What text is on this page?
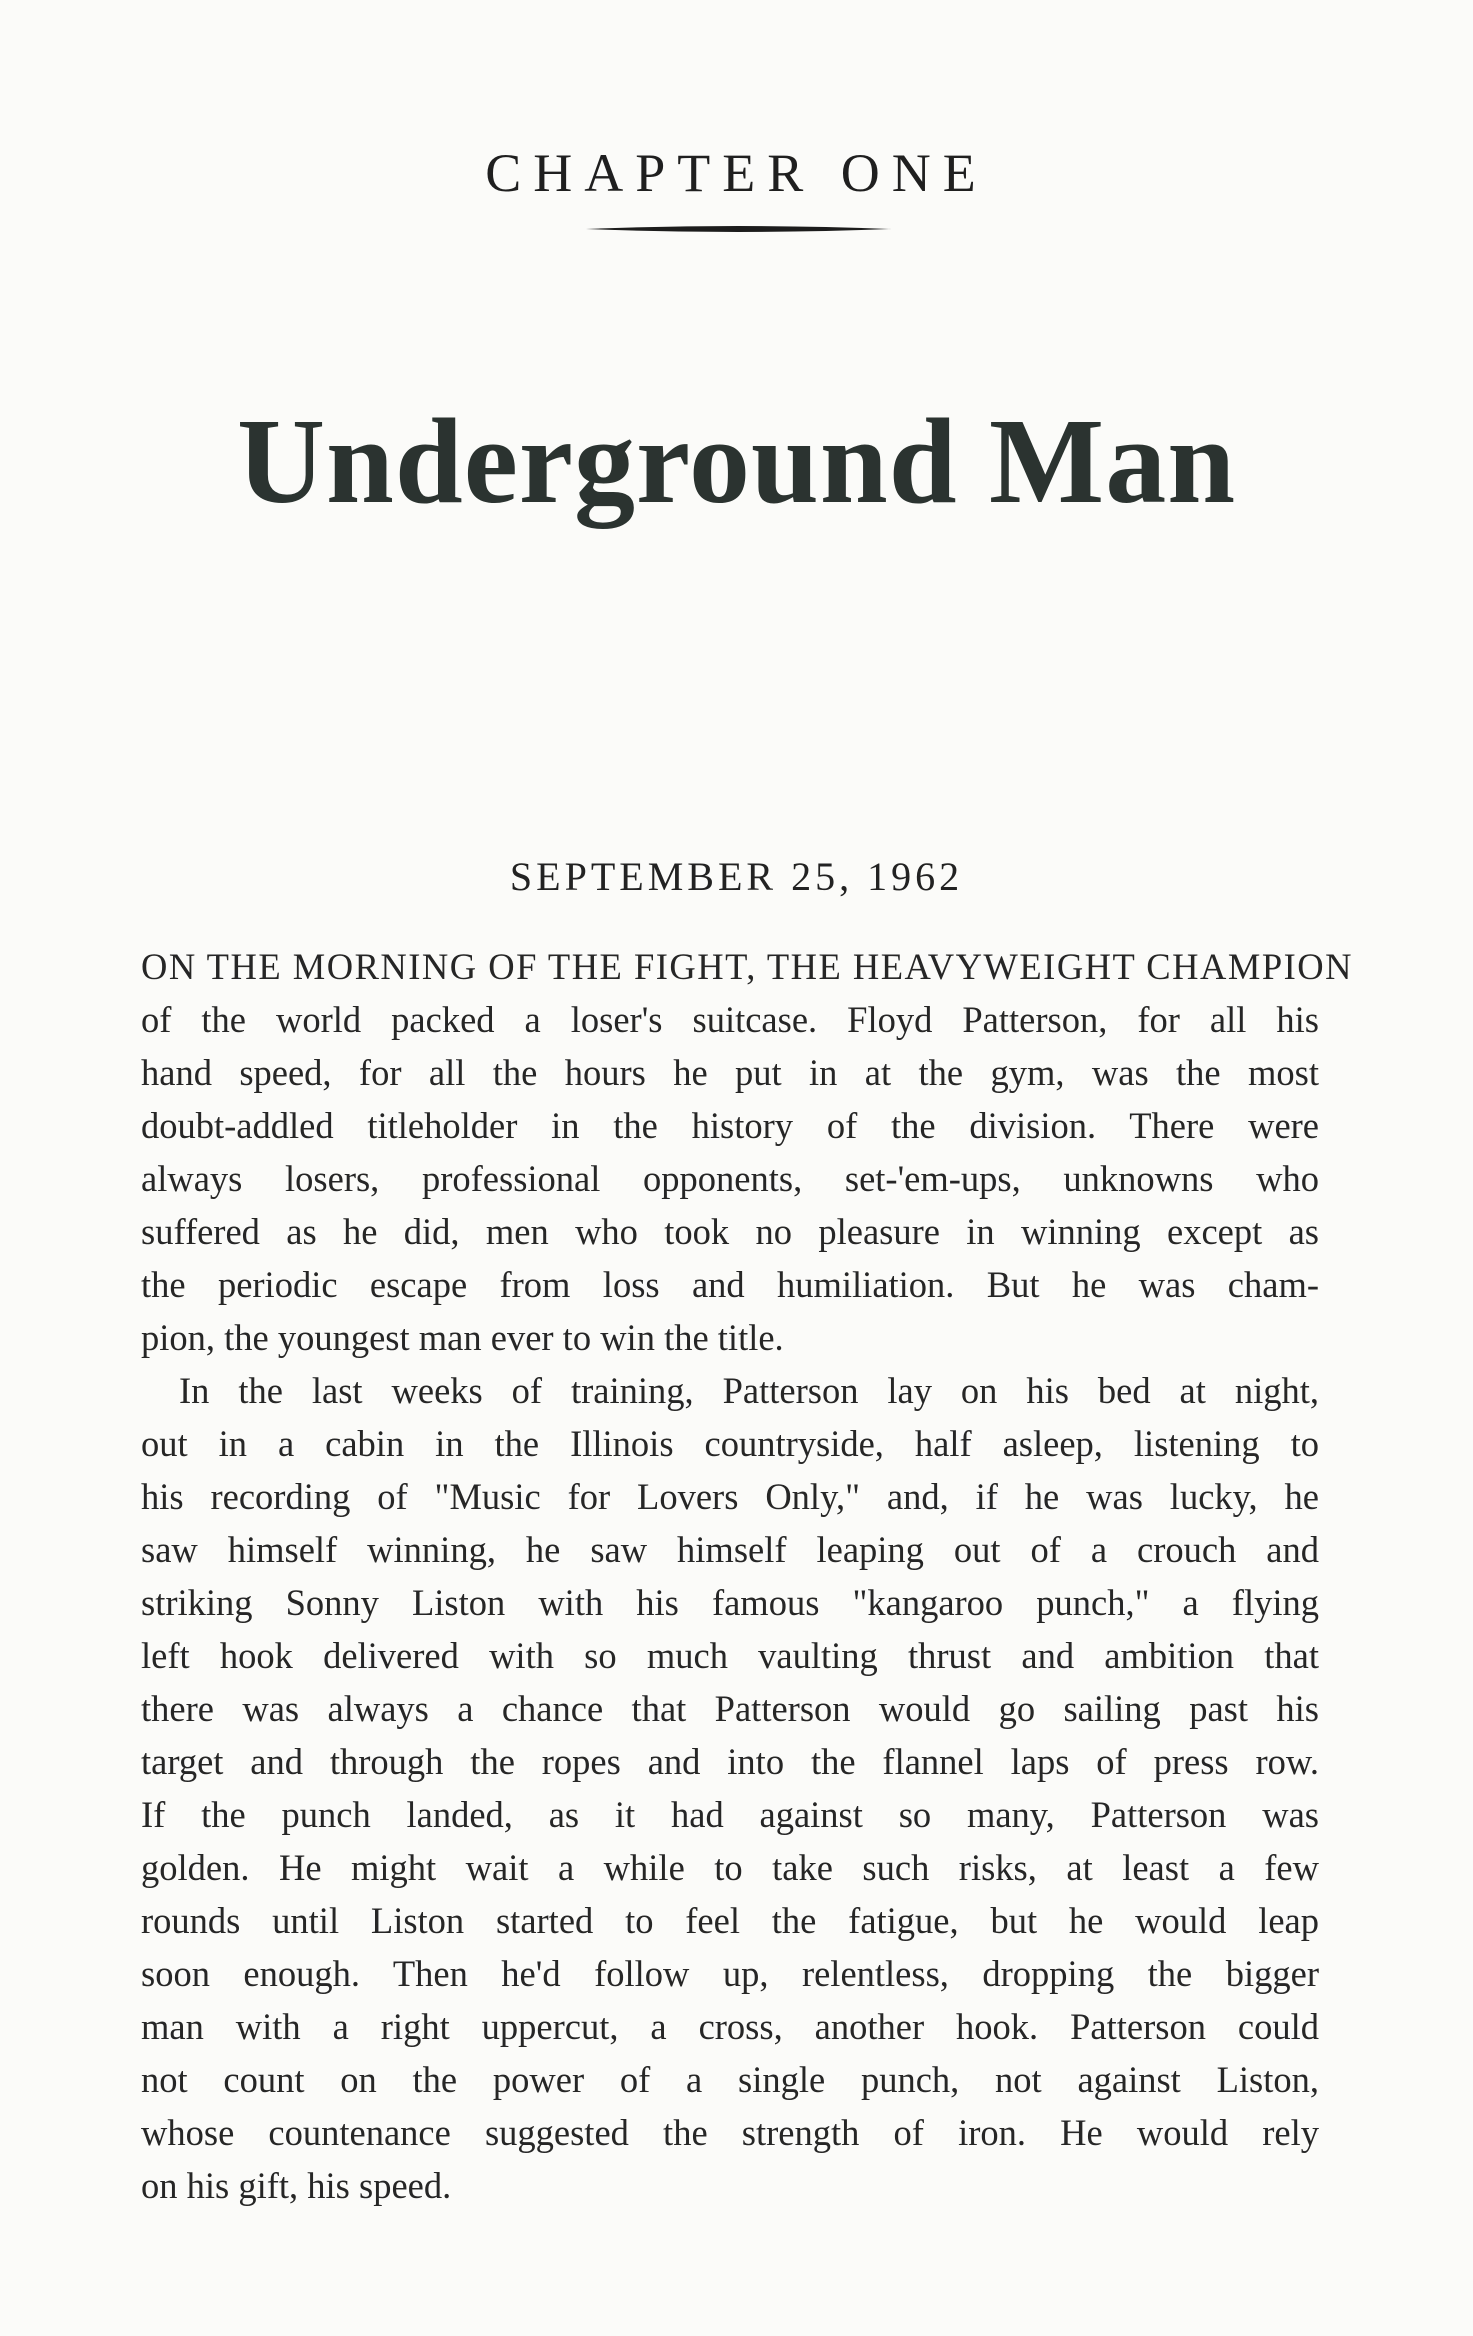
CHAPTER ONE
Underground Man
SEPTEMBER 25, 1962

ON THE MORNING OF THE FIGHT, THE HEAVYWEIGHT CHAMPION
of the world packed a loser's suitcase. Floyd Patterson, for all his
hand speed, for all the hours he put in at the gym, was the most
doubt-addled titleholder in the history of the division. There were
always losers, professional opponents, set-'em-ups, unknowns who
suffered as he did, men who took no pleasure in winning except as
the periodic escape from loss and humiliation. But he was cham-
pion, the youngest man ever to win the title.

In the last weeks of training, Patterson lay on his bed at night,
out in a cabin in the Illinois countryside, half asleep, listening to
his recording of "Music for Lovers Only," and, if he was lucky, he
saw himself winning, he saw himself leaping out of a crouch and
striking Sonny Liston with his famous "kangaroo punch," a flying
left hook delivered with so much vaulting thrust and ambition that
there was always a chance that Patterson would go sailing past his
target and through the ropes and into the flannel laps of press row.
If the punch landed, as it had against so many, Patterson was
golden. He might wait a while to take such risks, at least a few
rounds until Liston started to feel the fatigue, but he would leap
soon enough. Then he'd follow up, relentless, dropping the bigger
man with a right uppercut, a cross, another hook. Patterson could
not count on the power of a single punch, not against Liston,
whose countenance suggested the strength of iron. He would rely
on his gift, his speed.
